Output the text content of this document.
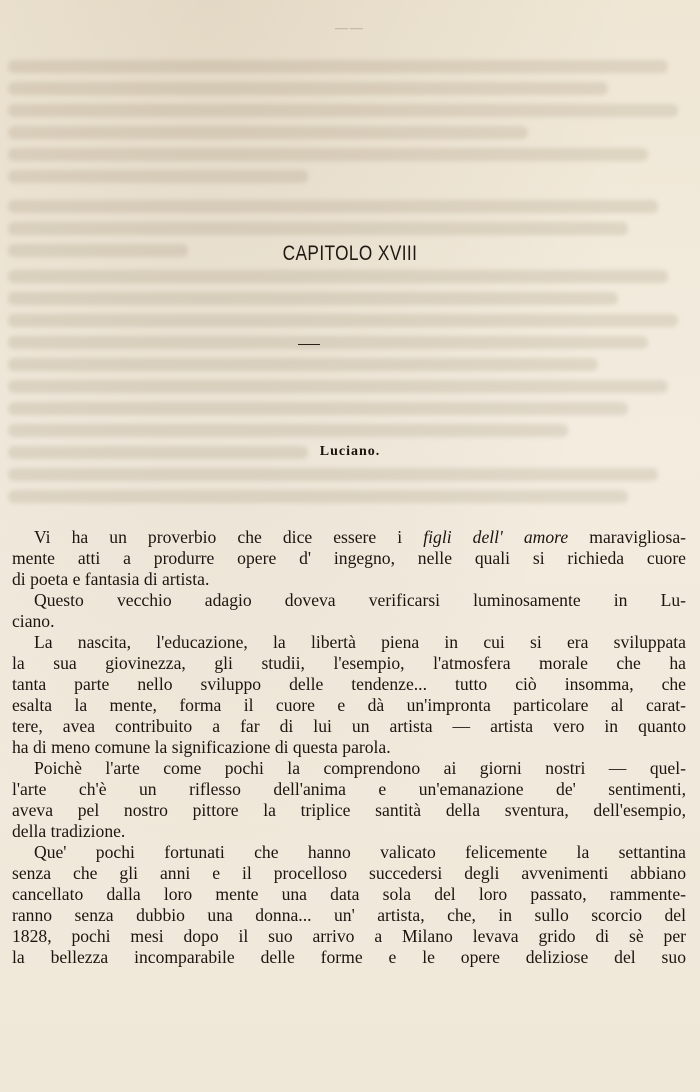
——
CAPITOLO XVIII
Luciano.
Vi ha un proverbio che dice essere i figli dell' amore maravigliosa-
mente atti a produrre opere d' ingegno, nelle quali si richieda cuore
di poeta e fantasia di artista.
Questo vecchio adagio doveva verificarsi luminosamente in Lu-
ciano.
La nascita, l'educazione, la libertà piena in cui si era sviluppata
la sua giovinezza, gli studii, l'esempio, l'atmosfera morale che ha
tanta parte nello sviluppo delle tendenze... tutto ciò insomma, che
esalta la mente, forma il cuore e dà un'impronta particolare al carat-
tere, avea contribuito a far di lui un artista — artista vero in quanto
ha di meno comune la significazione di questa parola.
Poichè l'arte come pochi la comprendono ai giorni nostri — quel-
l'arte ch'è un riflesso dell'anima e un'emanazione de' sentimenti,
aveva pel nostro pittore la triplice santità della sventura, dell'esempio,
della tradizione.
Que' pochi fortunati che hanno valicato felicemente la settantina
senza che gli anni e il procelloso succedersi degli avvenimenti abbiano
cancellato dalla loro mente una data sola del loro passato, rammente-
ranno senza dubbio una donna... un' artista, che, in sullo scorcio del
1828, pochi mesi dopo il suo arrivo a Milano levava grido di sè per
la bellezza incomparabile delle forme e le opere deliziose del suo
